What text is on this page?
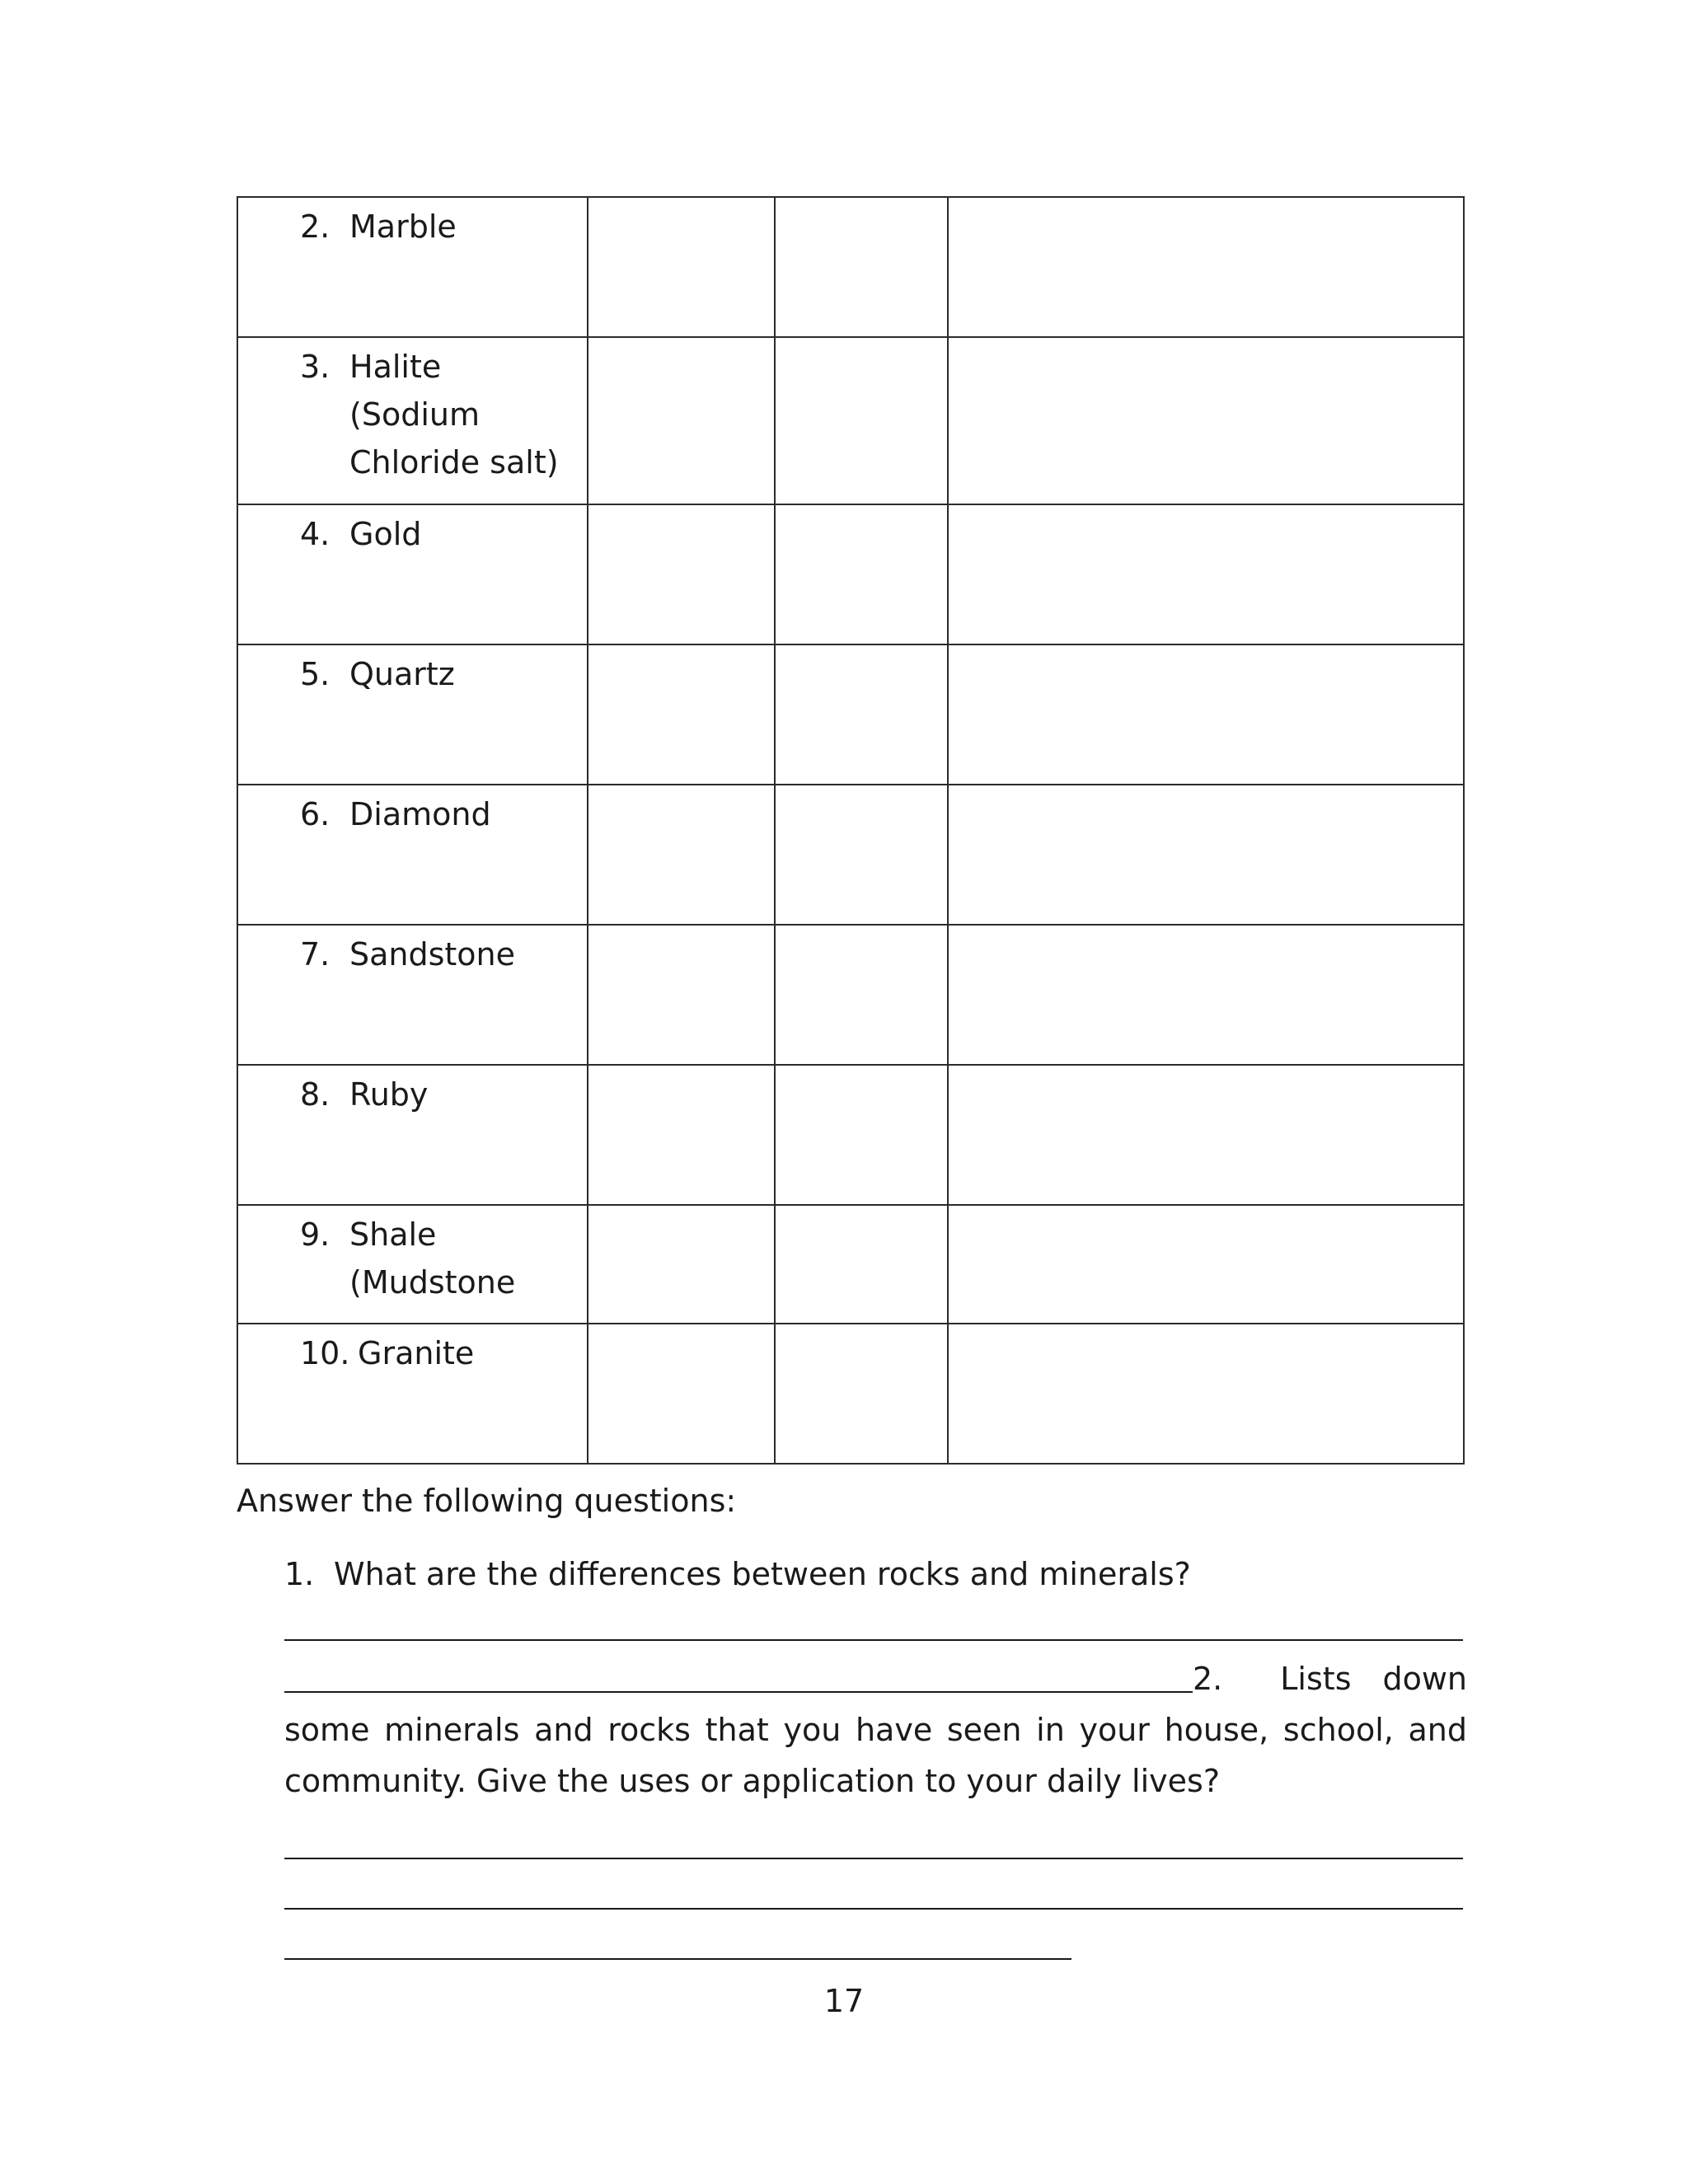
2. Marble			

3. Halite
(Sodium
Chloride salt)			

4. Gold			

5. Quartz			

6. Diamond			

7. Sandstone			

8. Ruby			

9. Shale
(Mudstone			

10. Granite			

Answer the following questions:

1. What are the differences between rocks and minerals?
2. Lists down
some minerals and rocks that you have seen in your house, school, and community. Give the uses or application to your daily lives?
17
